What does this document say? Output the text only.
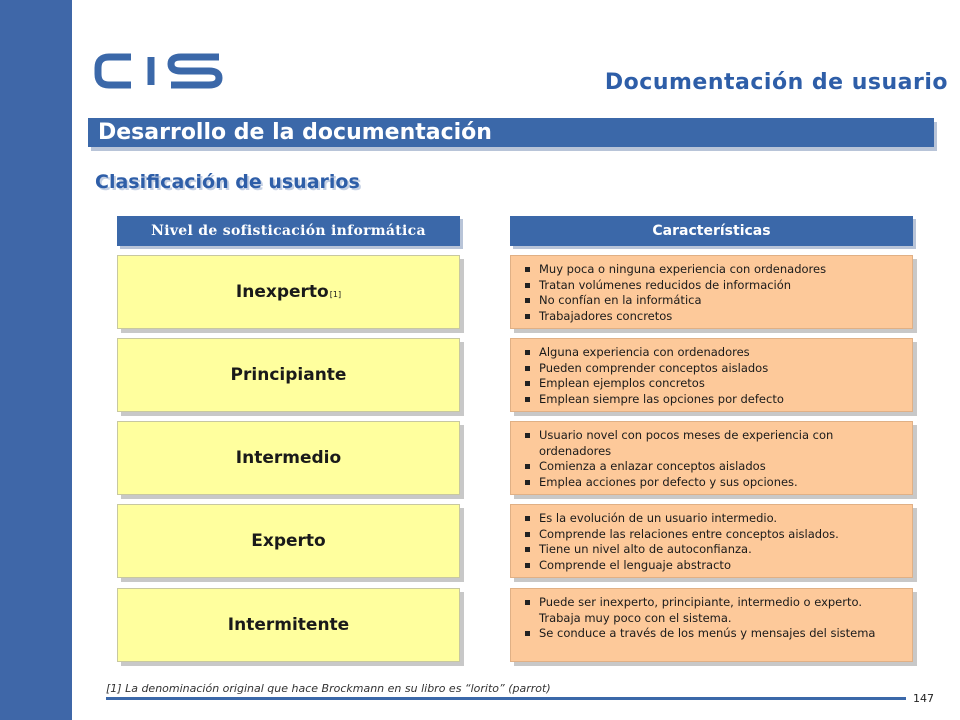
Documentación de usuario
Desarrollo de la documentación
Clasificación de usuarios
Nivel de sofisticación informática	Características
Inexperto[1]
Muy poca o ninguna experiencia con ordenadores
Tratan volúmenes reducidos de información
No confían en la informática
Trabajadores concretos
Principiante
Alguna experiencia con ordenadores
Pueden comprender conceptos aislados
Emplean ejemplos concretos
Emplean siempre las opciones por defecto
Intermedio
Usuario novel con pocos meses de experiencia con ordenadores
Comienza a enlazar conceptos aislados
Emplea acciones por defecto y sus opciones.
Experto
Es la evolución de un usuario intermedio.
Comprende las relaciones entre conceptos aislados.
Tiene un nivel alto de autoconfianza.
Comprende el lenguaje abstracto
Intermitente
Puede ser inexperto, principiante, intermedio o experto. Trabaja muy poco con el sistema.
Se conduce a través de los menús y mensajes del sistema
[1] La denominación original que hace Brockmann en su libro es “lorito” (parrot)
147
